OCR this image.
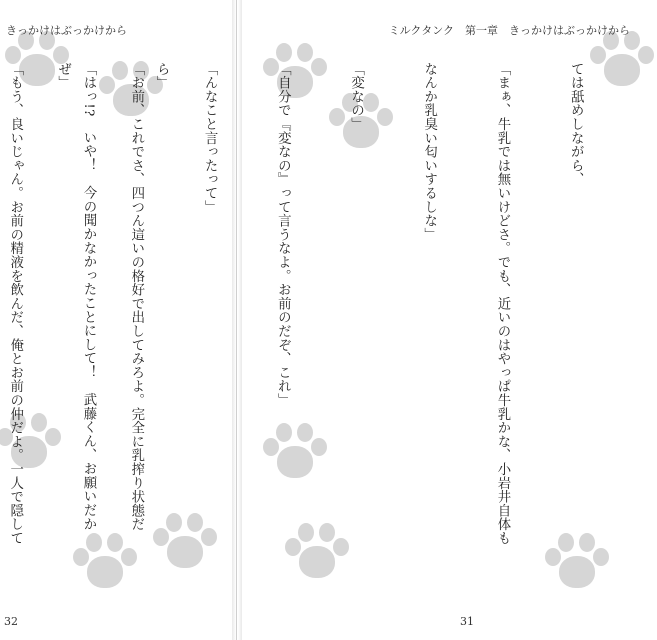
きっかけはぶっかけから

ら」

「はっ!?　いや！　今の聞かなかったことにして！　武藤くん、お願いだか

「もう、良いじゃん。お前の精液を飲んだ、俺とお前の仲だよ。一人で隠して

32
ミルクタンク　第一章　きっかけはぶっかけから

ては舐めしながら、

「まぁ、牛乳では無いけどさ。でも、近いのはやっぱ牛乳かな、小岩井自体も

なんか乳臭い匂いするしな」

「変なの」

「自分で『変なの』って言うなよ。お前のだぞ、これ」

「んなこと言ったって」

「お前、これでさ、四つん這いの格好で出してみろよ。完全に乳搾り状態だ

ぜ」

31
